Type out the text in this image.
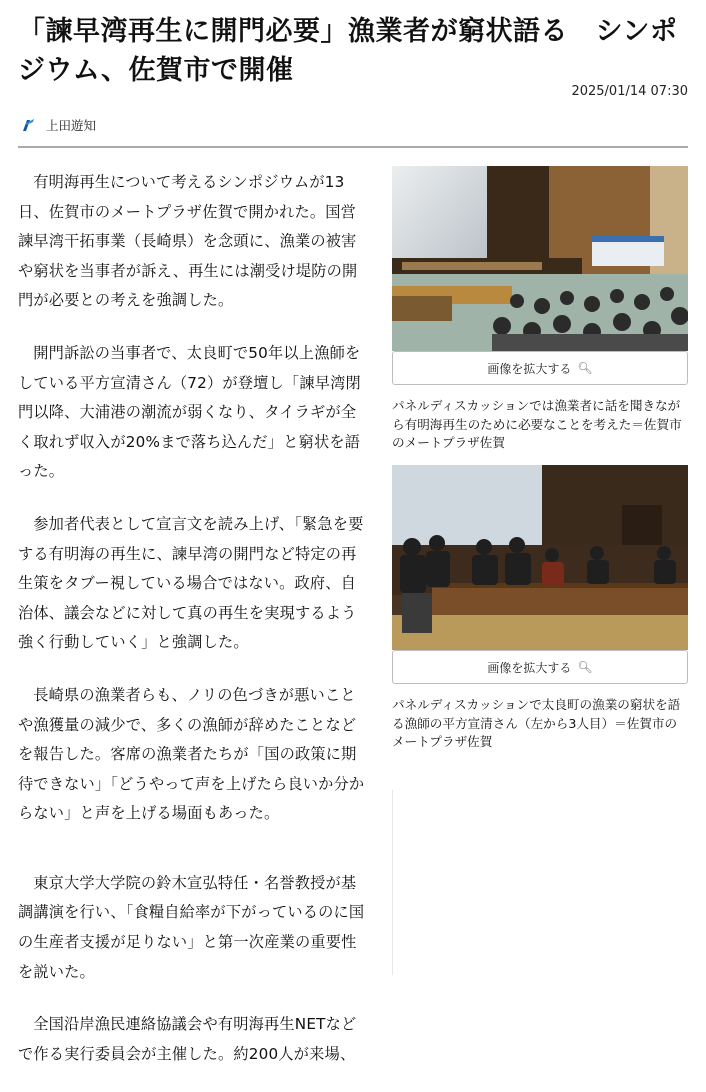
「諫早湾再生に開門必要」漁業者が窮状語る　シンポジウム、佐賀市で開催
2025/01/14 07:30
上田遊知

有明海再生について考えるシンポジウムが13日、佐賀市のメートプラザ佐賀で開かれた。国営諫早湾干拓事業（長崎県）を念頭に、漁業の被害や窮状を当事者が訴え、再生には潮受け堤防の開門が必要との考えを強調した。

開門訴訟の当事者で、太良町で50年以上漁師をしている平方宣清さん（72）が登壇し「諫早湾閉門以降、大浦港の潮流が弱くなり、タイラギが全く取れず収入が20%まで落ち込んだ」と窮状を語った。

参加者代表として宣言文を読み上げ、「緊急を要する有明海の再生に、諫早湾の開門など特定の再生策をタブー視している場合ではない。政府、自治体、議会などに対して真の再生を実現するよう強く行動していく」と強調した。

長崎県の漁業者らも、ノリの色づきが悪いことや漁獲量の減少で、多くの漁師が辞めたことなどを報告した。客席の漁業者たちが「国の政策に期待できない」「どうやって声を上げたら良いか分からない」と声を上げる場面もあった。

東京大学大学院の鈴木宣弘特任・名誉教授が基調講演を行い、「食糧自給率が下がっているのに国の生産者支援が足りない」と第一次産業の重要性を説いた。

全国沿岸漁民連絡協議会や有明海再生NETなどで作る実行委員会が主催した。約200人が来場、

画像を拡大する 🔍︎
パネルディスカッションでは漁業者に話を聞きながら有明海再生のために必要なことを考えた＝佐賀市のメートプラザ佐賀
画像を拡大する 🔍︎
パネルディスカッションで太良町の漁業の窮状を語る漁師の平方宣清さん（左から3人目）＝佐賀市のメートプラザ佐賀
